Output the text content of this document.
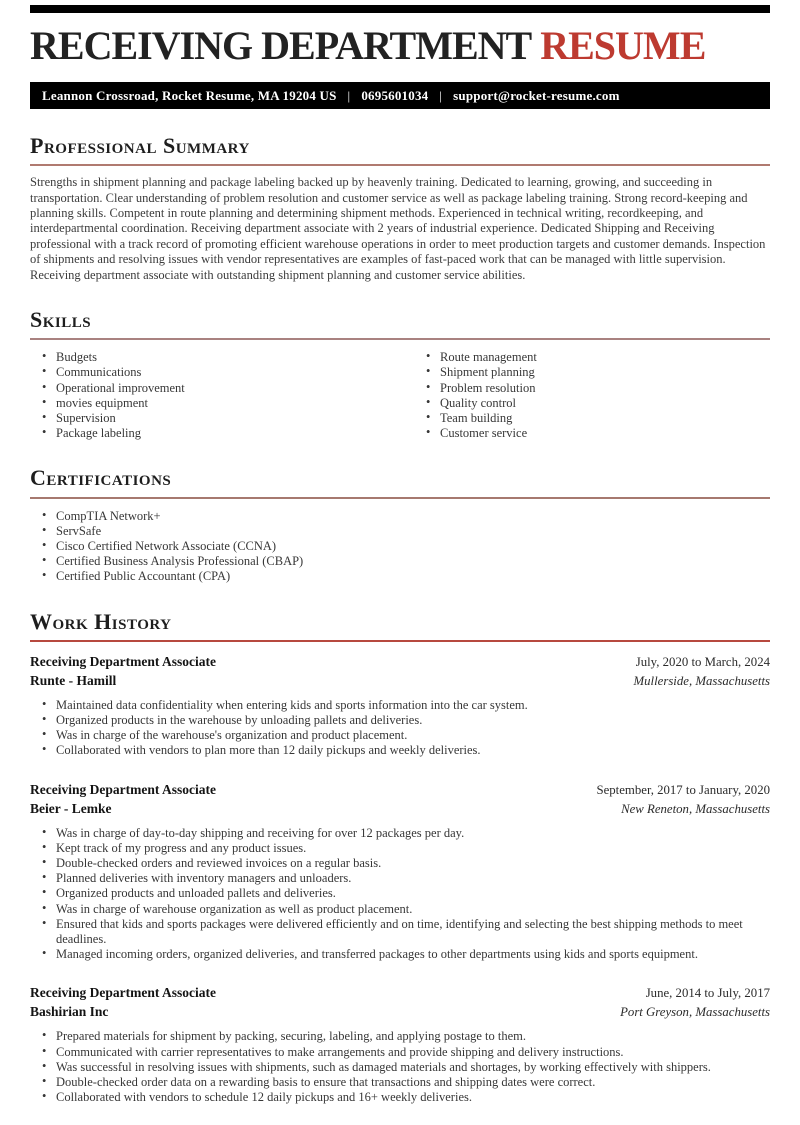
RECEIVING DEPARTMENT RESUME
Leannon Crossroad, Rocket Resume, MA 19204 US | 0695601034 | support@rocket-resume.com
Professional Summary

Strengths in shipment planning and package labeling backed up by heavenly training. Dedicated to learning, growing, and succeeding in transportation. Clear understanding of problem resolution and customer service as well as package labeling training. Strong record-keeping and planning skills. Competent in route planning and determining shipment methods. Experienced in technical writing, recordkeeping, and interdepartmental coordination. Receiving department associate with 2 years of industrial experience. Dedicated Shipping and Receiving professional with a track record of promoting efficient warehouse operations in order to meet production targets and customer demands. Inspection of shipments and resolving issues with vendor representatives are examples of fast-paced work that can be managed with little supervision. Receiving department associate with outstanding shipment planning and customer service abilities.

Skills
• Budgets
• Communications
• Operational improvement
• movies equipment
• Supervision
• Package labeling
• Route management
• Shipment planning
• Problem resolution
• Quality control
• Team building
• Customer service
Certifications
• CompTIA Network+
• ServSafe
• Cisco Certified Network Associate (CCNA)
• Certified Business Analysis Professional (CBAP)
• Certified Public Accountant (CPA)
Work History
Receiving Department Associate	July, 2020 to March, 2024
Runte - Hamill	Mullerside, Massachusetts
• Maintained data confidentiality when entering kids and sports information into the car system.
• Organized products in the warehouse by unloading pallets and deliveries.
• Was in charge of the warehouse's organization and product placement.
• Collaborated with vendors to plan more than 12 daily pickups and weekly deliveries.
Receiving Department Associate	September, 2017 to January, 2020
Beier - Lemke	New Reneton, Massachusetts
• Was in charge of day-to-day shipping and receiving for over 12 packages per day.
• Kept track of my progress and any product issues.
• Double-checked orders and reviewed invoices on a regular basis.
• Planned deliveries with inventory managers and unloaders.
• Organized products and unloaded pallets and deliveries.
• Was in charge of warehouse organization as well as product placement.
• Ensured that kids and sports packages were delivered efficiently and on time, identifying and selecting the best shipping methods to meet deadlines.
• Managed incoming orders, organized deliveries, and transferred packages to other departments using kids and sports equipment.
Receiving Department Associate	June, 2014 to July, 2017
Bashirian Inc	Port Greyson, Massachusetts
• Prepared materials for shipment by packing, securing, labeling, and applying postage to them.
• Communicated with carrier representatives to make arrangements and provide shipping and delivery instructions.
• Was successful in resolving issues with shipments, such as damaged materials and shortages, by working effectively with shippers.
• Double-checked order data on a rewarding basis to ensure that transactions and shipping dates were correct.
• Collaborated with vendors to schedule 12 daily pickups and 16+ weekly deliveries.
